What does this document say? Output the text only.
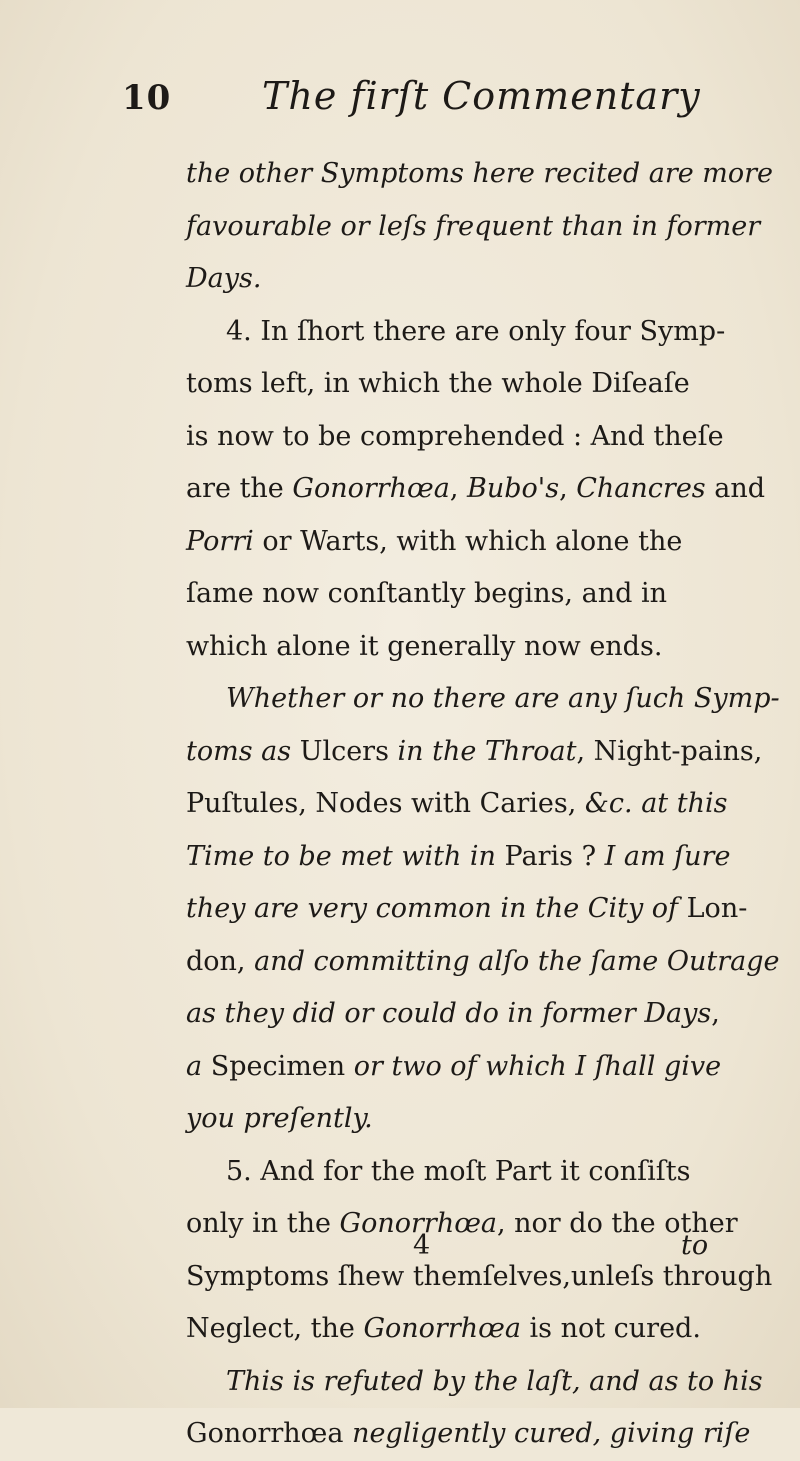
10 The firſt Commentary
the other Symptoms here recited are more
favourable or leſs frequent than in former
Days.
4. In ſhort there are only four Symp-
toms left, in which the whole Diſeaſe
is now to be comprehended : And theſe
are the Gonorrhœa, Bubo's, Chancres and
Porri or Warts, with which alone the
ſame now conſtantly begins, and in
which alone it generally now ends.
Whether or no there are any ſuch Symp-
toms as Ulcers in the Throat, Night-pains,
Puſtules, Nodes with Caries, &c. at this
Time to be met with in Paris ? I am ſure
they are very common in the City of Lon-
don, and committing alſo the ſame Outrage
as they did or could do in former Days,
a Specimen or two of which I ſhall give
you preſently.
5. And for the moſt Part it conſiſts
only in the Gonorrhœa, nor do the other
Symptoms ſhew themſelves,unleſs through
Neglect, the Gonorrhœa is not cured.
This is refuted by the laſt, and as to his
Gonorrhœa negligently cured, giving riſe
4	to
